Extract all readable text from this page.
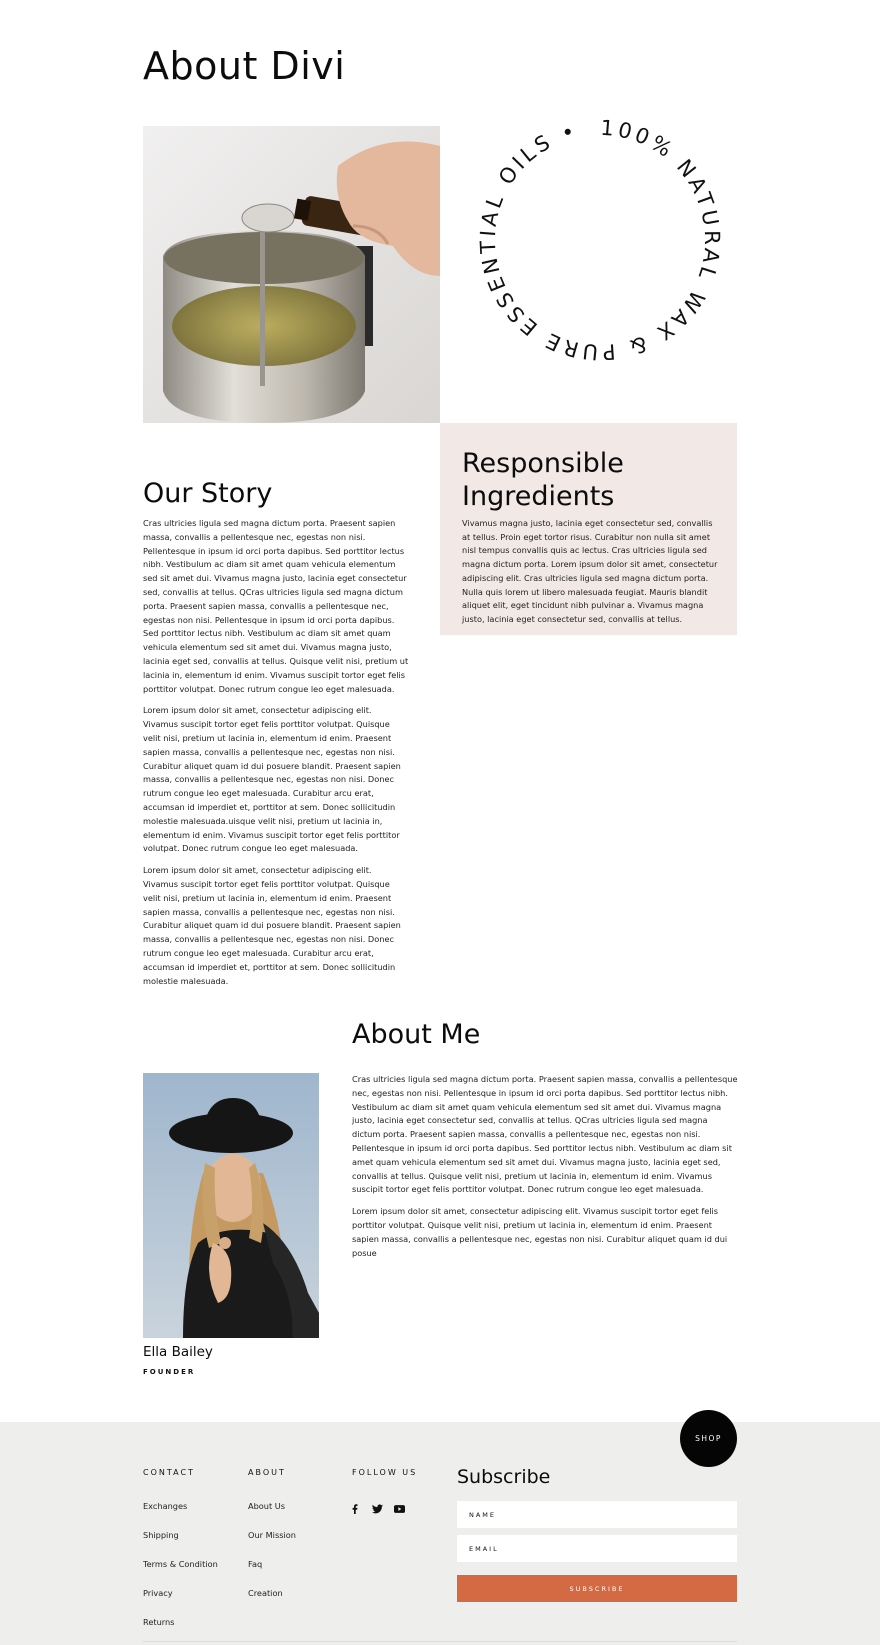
About Divi
100% NATURAL WAX & PURE ESSENTIAL OILS •
Responsible
Ingredients
Vivamus magna justo, lacinia eget consectetur sed, convallis at tellus. Proin eget tortor risus. Curabitur non nulla sit amet nisl tempus convallis quis ac lectus. Cras ultricies ligula sed magna dictum porta. Lorem ipsum dolor sit amet, consectetur adipiscing elit. Cras ultricies ligula sed magna dictum porta. Nulla quis lorem ut libero malesuada feugiat. Mauris blandit aliquet elit, eget tincidunt nibh pulvinar a. Vivamus magna justo, lacinia eget consectetur sed, convallis at tellus.
Our Story

Cras ultricies ligula sed magna dictum porta. Praesent sapien massa, convallis a pellentesque nec, egestas non nisi. Pellentesque in ipsum id orci porta dapibus. Sed porttitor lectus nibh. Vestibulum ac diam sit amet quam vehicula elementum sed sit amet dui. Vivamus magna justo, lacinia eget consectetur sed, convallis at tellus. QCras ultricies ligula sed magna dictum porta. Praesent sapien massa, convallis a pellentesque nec, egestas non nisi. Pellentesque in ipsum id orci porta dapibus. Sed porttitor lectus nibh. Vestibulum ac diam sit amet quam vehicula elementum sed sit amet dui. Vivamus magna justo, lacinia eget sed, convallis at tellus. Quisque velit nisi, pretium ut lacinia in, elementum id enim. Vivamus suscipit tortor eget felis porttitor volutpat. Donec rutrum congue leo eget malesuada.

Lorem ipsum dolor sit amet, consectetur adipiscing elit. Vivamus suscipit tortor eget felis porttitor volutpat. Quisque velit nisi, pretium ut lacinia in, elementum id enim. Praesent sapien massa, convallis a pellentesque nec, egestas non nisi. Curabitur aliquet quam id dui posuere blandit. Praesent sapien massa, convallis a pellentesque nec, egestas non nisi. Donec rutrum congue leo eget malesuada. Curabitur arcu erat, accumsan id imperdiet et, porttitor at sem. Donec sollicitudin molestie malesuada.uisque velit nisi, pretium ut lacinia in, elementum id enim. Vivamus suscipit tortor eget felis porttitor volutpat. Donec rutrum congue leo eget malesuada.

Lorem ipsum dolor sit amet, consectetur adipiscing elit. Vivamus suscipit tortor eget felis porttitor volutpat. Quisque velit nisi, pretium ut lacinia in, elementum id enim. Praesent sapien massa, convallis a pellentesque nec, egestas non nisi. Curabitur aliquet quam id dui posuere blandit. Praesent sapien massa, convallis a pellentesque nec, egestas non nisi. Donec rutrum congue leo eget malesuada. Curabitur arcu erat, accumsan id imperdiet et, porttitor at sem. Donec sollicitudin molestie malesuada.

About Me

Cras ultricies ligula sed magna dictum porta. Praesent sapien massa, convallis a pellentesque nec, egestas non nisi. Pellentesque in ipsum id orci porta dapibus. Sed porttitor lectus nibh. Vestibulum ac diam sit amet quam vehicula elementum sed sit amet dui. Vivamus magna justo, lacinia eget consectetur sed, convallis at tellus. QCras ultricies ligula sed magna dictum porta. Praesent sapien massa, convallis a pellentesque nec, egestas non nisi. Pellentesque in ipsum id orci porta dapibus. Sed porttitor lectus nibh. Vestibulum ac diam sit amet quam vehicula elementum sed sit amet dui. Vivamus magna justo, lacinia eget sed, convallis at tellus. Quisque velit nisi, pretium ut lacinia in, elementum id enim. Vivamus suscipit tortor eget felis porttitor volutpat. Donec rutrum congue leo eget malesuada.

Lorem ipsum dolor sit amet, consectetur adipiscing elit. Vivamus suscipit tortor eget felis porttitor volutpat. Quisque velit nisi, pretium ut lacinia in, elementum id enim. Praesent sapien massa, convallis a pellentesque nec, egestas non nisi. Curabitur aliquet quam id dui posue

Ella Bailey
FOUNDER
SHOP
CONTACT
Exchanges
Shipping
Terms & Condition
Privacy
Returns
ABOUT
About Us
Our Mission
Faq
Creation
FOLLOW US Subscribe
NAME
EMAIL
SUBSCRIBE
